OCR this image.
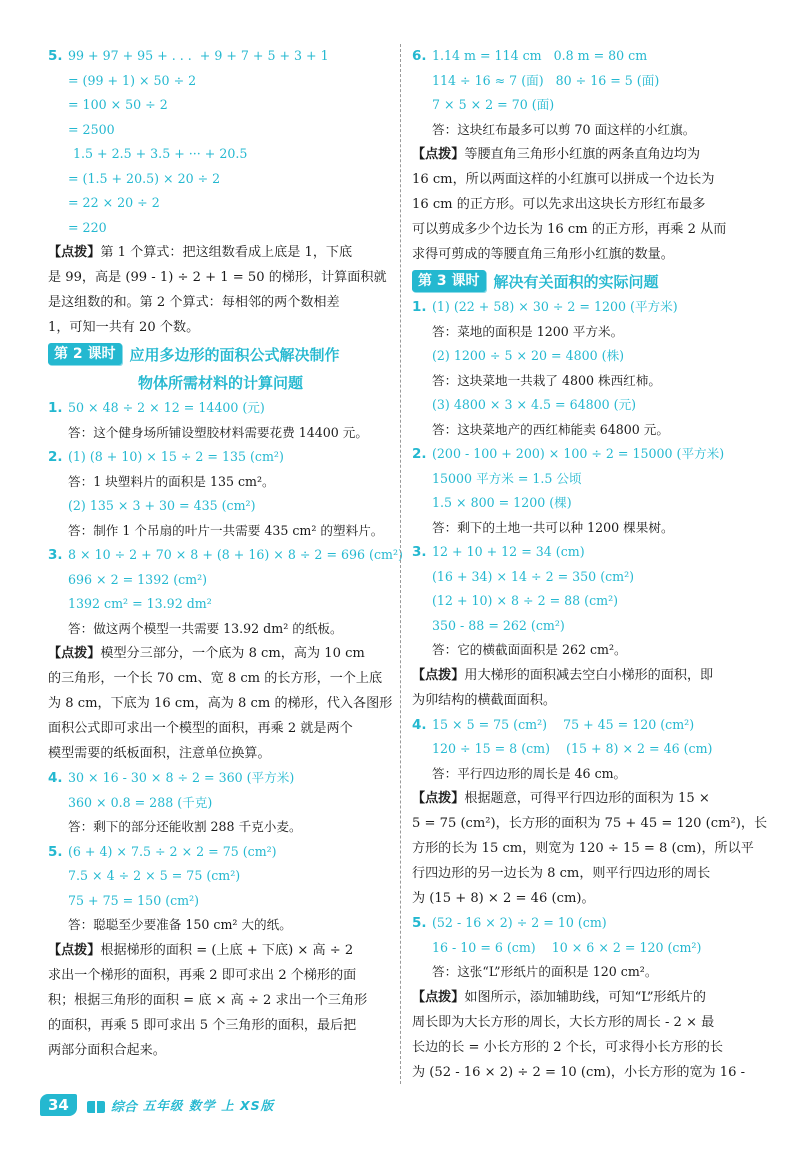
5. 99 + 97 + 95 + . . .  + 9 + 7 + 5 + 3 + 1
= (99 + 1) × 50 ÷ 2
= 100 × 50 ÷ 2
= 2500
1.5 + 2.5 + 3.5 + ··· + 20.5
= (1.5 + 20.5) × 20 ÷ 2
= 22 × 20 ÷ 2
= 220
【点拨】第 1 个算式：把这组数看成上底是 1，下底
是 99，高是 (99 - 1) ÷ 2 + 1 = 50 的梯形，计算面积就
是这组数的和。第 2 个算式：每相邻的两个数相差
1，可知一共有 20 个数。
第 2 课时 应用多边形的面积公式解决制作
物体所需材料的计算问题
1. 50 × 48 ÷ 2 × 12 = 14400 (元)
答：这个健身场所铺设塑胶材料需要花费 14400 元。
2. (1) (8 + 10) × 15 ÷ 2 = 135 (cm²)
答：1 块塑料片的面积是 135 cm²。
(2) 135 × 3 + 30 = 435 (cm²)
答：制作 1 个吊扇的叶片一共需要 435 cm² 的塑料片。
3. 8 × 10 ÷ 2 + 70 × 8 + (8 + 16) × 8 ÷ 2 = 696 (cm²)
696 × 2 = 1392 (cm²)
1392 cm² = 13.92 dm²
答：做这两个模型一共需要 13.92 dm² 的纸板。
【点拨】模型分三部分，一个底为 8 cm，高为 10 cm
的三角形，一个长 70 cm、宽 8 cm 的长方形，一个上底
为 8 cm，下底为 16 cm，高为 8 cm 的梯形，代入各图形
面积公式即可求出一个模型的面积，再乘 2 就是两个
模型需要的纸板面积，注意单位换算。
4. 30 × 16 - 30 × 8 ÷ 2 = 360 (平方米)
360 × 0.8 = 288 (千克)
答：剩下的部分还能收割 288 千克小麦。
5. (6 + 4) × 7.5 ÷ 2 × 2 = 75 (cm²)
7.5 × 4 ÷ 2 × 5 = 75 (cm²)
75 + 75 = 150 (cm²)
答：聪聪至少要准备 150 cm² 大的纸。
【点拨】根据梯形的面积 = (上底 + 下底) × 高 ÷ 2
求出一个梯形的面积，再乘 2 即可求出 2 个梯形的面
积；根据三角形的面积 = 底 × 高 ÷ 2 求出一个三角形
的面积，再乘 5 即可求出 5 个三角形的面积，最后把
两部分面积合起来。
6. 1.14 m = 114 cm   0.8 m = 80 cm
114 ÷ 16 ≈ 7 (面)   80 ÷ 16 = 5 (面)
7 × 5 × 2 = 70 (面)
答：这块红布最多可以剪 70 面这样的小红旗。
【点拨】等腰直角三角形小红旗的两条直角边均为
16 cm，所以两面这样的小红旗可以拼成一个边长为
16 cm 的正方形。可以先求出这块长方形红布最多
可以剪成多少个边长为 16 cm 的正方形，再乘 2 从而
求得可剪成的等腰直角三角形小红旗的数量。
第 3 课时 解决有关面积的实际问题
1. (1) (22 + 58) × 30 ÷ 2 = 1200 (平方米)
答：菜地的面积是 1200 平方米。
(2) 1200 ÷ 5 × 20 = 4800 (株)
答：这块菜地一共栽了 4800 株西红柿。
(3) 4800 × 3 × 4.5 = 64800 (元)
答：这块菜地产的西红柿能卖 64800 元。
2. (200 - 100 + 200) × 100 ÷ 2 = 15000 (平方米)
15000 平方米 = 1.5 公顷
1.5 × 800 = 1200 (棵)
答：剩下的土地一共可以种 1200 棵果树。
3. 12 + 10 + 12 = 34 (cm)
(16 + 34) × 14 ÷ 2 = 350 (cm²)
(12 + 10) × 8 ÷ 2 = 88 (cm²)
350 - 88 = 262 (cm²)
答：它的横截面面积是 262 cm²。
【点拨】用大梯形的面积减去空白小梯形的面积，即
为卯结构的横截面面积。
4. 15 × 5 = 75 (cm²)    75 + 45 = 120 (cm²)
120 ÷ 15 = 8 (cm)    (15 + 8) × 2 = 46 (cm)
答：平行四边形的周长是 46 cm。
【点拨】根据题意，可得平行四边形的面积为 15 ×
5 = 75 (cm²)，长方形的面积为 75 + 45 = 120 (cm²)，长
方形的长为 15 cm，则宽为 120 ÷ 15 = 8 (cm)，所以平
行四边形的另一边长为 8 cm，则平行四边形的周长
为 (15 + 8) × 2 = 46 (cm)。
5. (52 - 16 × 2) ÷ 2 = 10 (cm)
16 - 10 = 6 (cm)    10 × 6 × 2 = 120 (cm²)
答：这张“L”形纸片的面积是 120 cm²。
【点拨】如图所示，添加辅助线，可知“L”形纸片的
周长即为大长方形的周长，大长方形的周长 - 2 × 最
长边的长 = 小长方形的 2 个长，可求得小长方形的长
为 (52 - 16 × 2) ÷ 2 = 10 (cm)，小长方形的宽为 16 -
34	综合 五年级 数学 上 XS版
